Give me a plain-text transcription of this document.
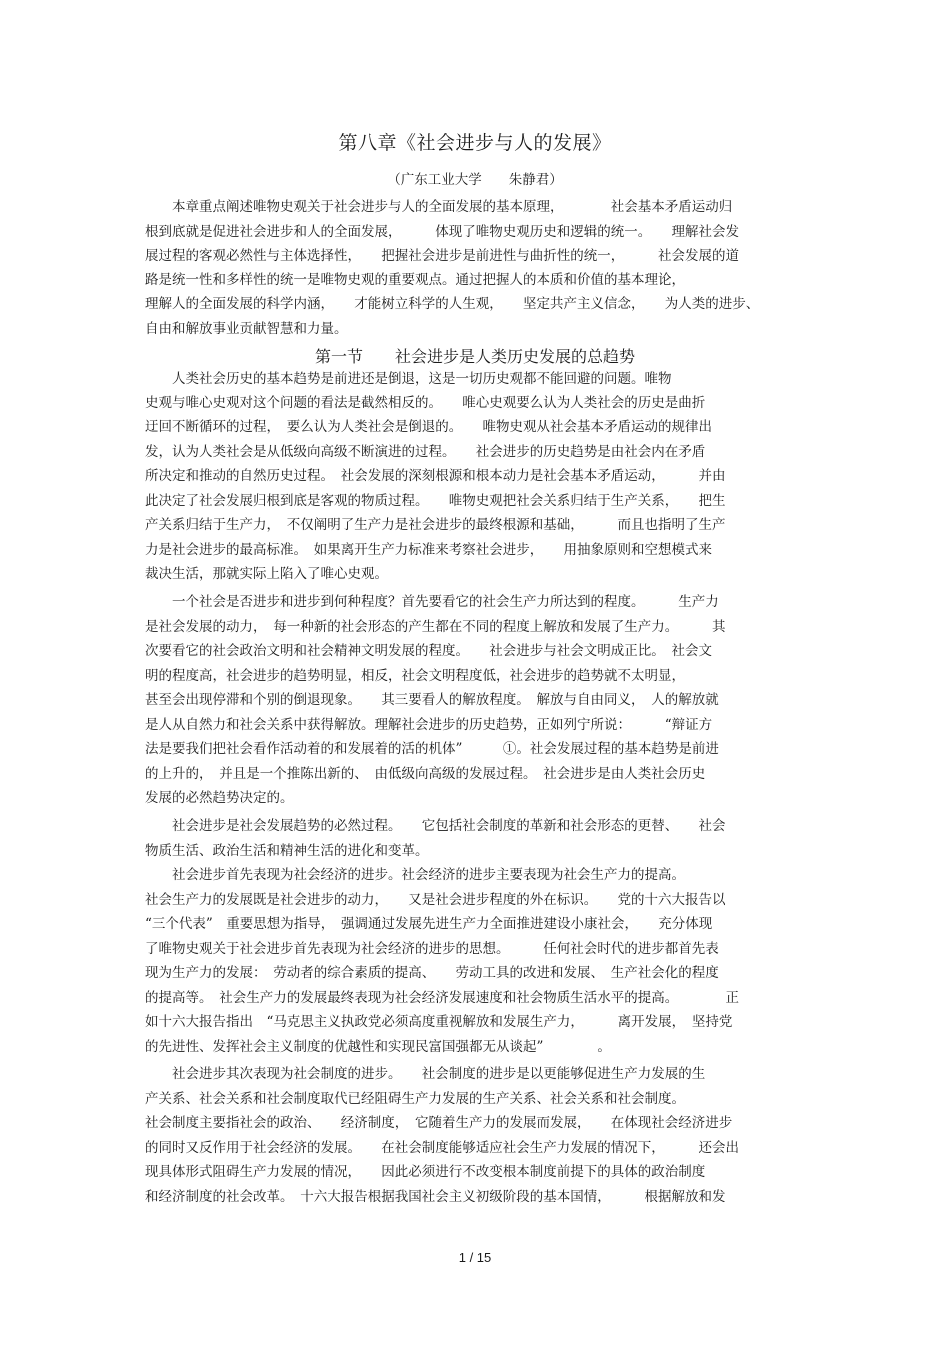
第八章《社会进步与人的发展》
（广东工业大学　　朱静君）
　　本章重点阐述唯物史观关于社会进步与人的全面发展的基本原理，　　　　社会基本矛盾运动归
根到底就是促进社会进步和人的全面发展，　　　体现了唯物史观历史和逻辑的统一。　　理解社会发
展过程的客观必然性与主体选择性，　　把握社会进步是前进性与曲折性的统一，　　　社会发展的道
路是统一性和多样性的统一是唯物史观的重要观点。通过把握人的本质和价值的基本理论，
理解人的全面发展的科学内涵，　　才能树立科学的人生观，　　坚定共产主义信念，　　为人类的进步、
自由和解放事业贡献智慧和力量。
第一节　　社会进步是人类历史发展的总趋势
　　人类社会历史的基本趋势是前进还是倒退，这是一切历史观都不能回避的问题。唯物
史观与唯心史观对这个问题的看法是截然相反的。　　唯心史观要么认为人类社会的历史是曲折
迂回不断循环的过程，　要么认为人类社会是倒退的。　　唯物史观从社会基本矛盾运动的规律出
发，认为人类社会是从低级向高级不断演进的过程。　　社会进步的历史趋势是由社会内在矛盾
所决定和推动的自然历史过程。　社会发展的深刻根源和根本动力是社会基本矛盾运动，　　　并由
此决定了社会发展归根到底是客观的物质过程。　　唯物史观把社会关系归结于生产关系，　　把生
产关系归结于生产力，　不仅阐明了生产力是社会进步的最终根源和基础，　　　而且也指明了生产
力是社会进步的最高标准。　如果离开生产力标准来考察社会进步，　　用抽象原则和空想模式来
裁决生活，那就实际上陷入了唯心史观。
　　一个社会是否进步和进步到何种程度？首先要看它的社会生产力所达到的程度。　　　生产力
是社会发展的动力，　每一种新的社会形态的产生都在不同的程度上解放和发展了生产力。　　　其
次要看它的社会政治文明和社会精神文明发展的程度。　　社会进步与社会文明成正比。　社会文
明的程度高，社会进步的趋势明显，相反，社会文明程度低，社会进步的趋势就不太明显，
甚至会出现停滞和个别的倒退现象。　　其三要看人的解放程度。　解放与自由同义，　人的解放就
是人从自然力和社会关系中获得解放。理解社会进步的历史趋势，正如列宁所说：　　　“辩证方
法是要我们把社会看作活动着的和发展着的活的机体”　　　①。社会发展过程的基本趋势是前进
的上升的，　并且是一个推陈出新的、　由低级向高级的发展过程。　社会进步是由人类社会历史
发展的必然趋势决定的。
　　社会进步是社会发展趋势的必然过程。　　它包括社会制度的革新和社会形态的更替、　　社会
物质生活、政治生活和精神生活的进化和变革。
　　社会进步首先表现为社会经济的进步。社会经济的进步主要表现为社会生产力的提高。
社会生产力的发展既是社会进步的动力，　　又是社会进步程度的外在标识。　　党的十六大报告以
“三个代表”　重要思想为指导，　强调通过发展先进生产力全面推进建设小康社会，　　充分体现
了唯物史观关于社会进步首先表现为社会经济的进步的思想。　　　任何社会时代的进步都首先表
现为生产力的发展：　劳动者的综合素质的提高、　　劳动工具的改进和发展、　生产社会化的程度
的提高等。　社会生产力的发展最终表现为社会经济发展速度和社会物质生活水平的提高。　　　　正
如十六大报告指出　“马克思主义执政党必须高度重视解放和发展生产力，　　　离开发展，　坚持党
的先进性、发挥社会主义制度的优越性和实现民富国强都无从谈起”　　　　。
　　社会进步其次表现为社会制度的进步。　　社会制度的进步是以更能够促进生产力发展的生
产关系、社会关系和社会制度取代已经阻碍生产力发展的生产关系、社会关系和社会制度。
社会制度主要指社会的政治、　　经济制度，　它随着生产力的发展而发展，　　在体现社会经济进步
的同时又反作用于社会经济的发展。　　在社会制度能够适应社会生产力发展的情况下，　　　还会出
现具体形式阻碍生产力发展的情况，　　因此必须进行不改变根本制度前提下的具体的政治制度
和经济制度的社会改革。　十六大报告根据我国社会主义初级阶段的基本国情，　　　根据解放和发
1 / 15
